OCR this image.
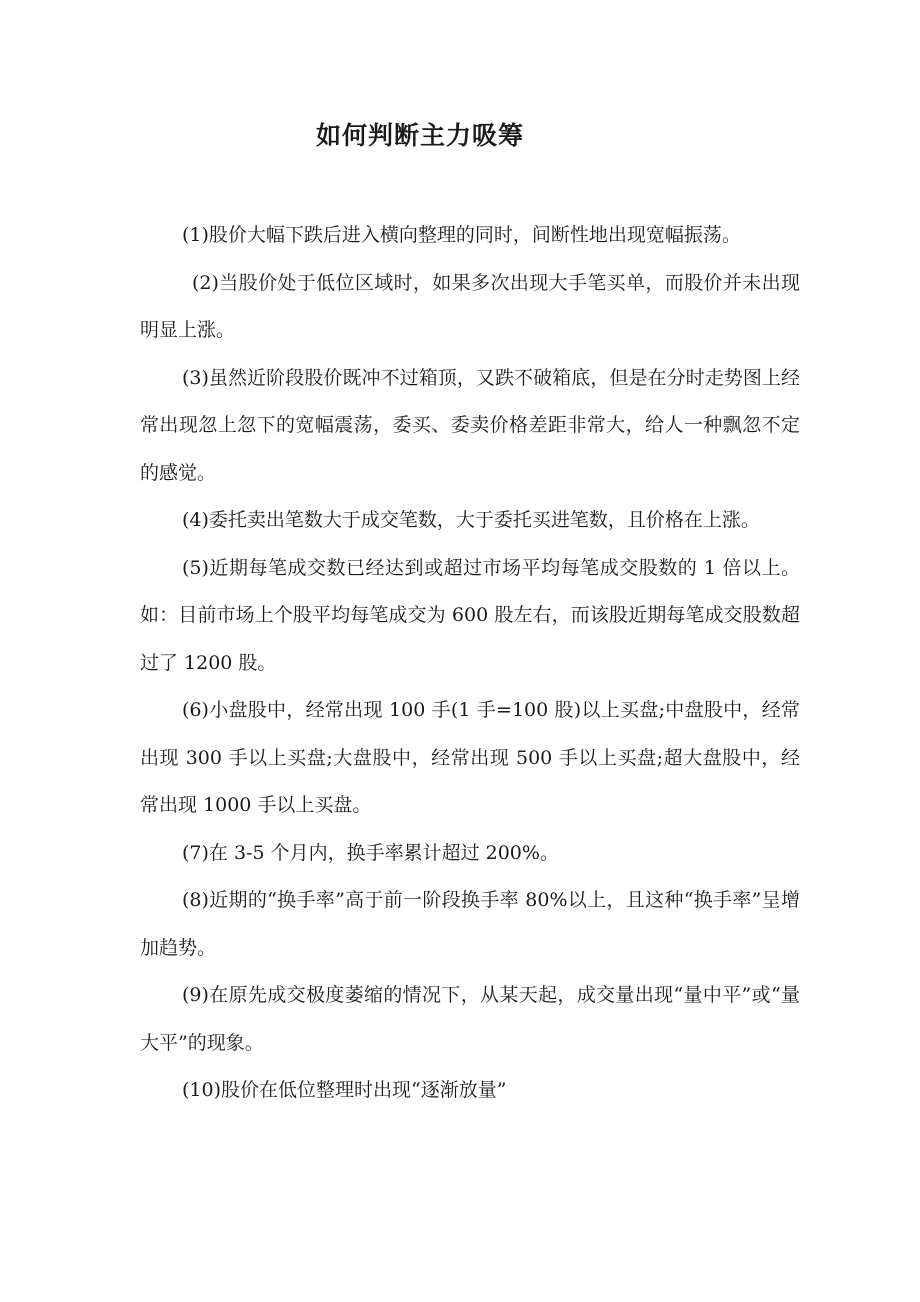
如何判断主力吸筹

(1)股价大幅下跌后进入横向整理的同时，间断性地出现宽幅振荡。

(2)当股价处于低位区域时，如果多次出现大手笔买单，而股价并未出现明显上涨。

(3)虽然近阶段股价既冲不过箱顶，又跌不破箱底，但是在分时走势图上经常出现忽上忽下的宽幅震荡，委买、委卖价格差距非常大，给人一种飘忽不定的感觉。

(4)委托卖出笔数大于成交笔数，大于委托买进笔数，且价格在上涨。

(5)近期每笔成交数已经达到或超过市场平均每笔成交股数的 1 倍以上。如：目前市场上个股平均每笔成交为 600 股左右，而该股近期每笔成交股数超过了 1200 股。

(6)小盘股中，经常出现 100 手(1 手=100 股)以上买盘;中盘股中，经常出现 300 手以上买盘;大盘股中，经常出现 500 手以上买盘;超大盘股中，经常出现 1000 手以上买盘。

(7)在 3-5 个月内，换手率累计超过 200%。

(8)近期的“换手率”高于前一阶段换手率 80%以上，且这种“换手率”呈增加趋势。

(9)在原先成交极度萎缩的情况下，从某天起，成交量出现“量中平”或“量大平”的现象。

(10)股价在低位整理时出现“逐渐放量”
